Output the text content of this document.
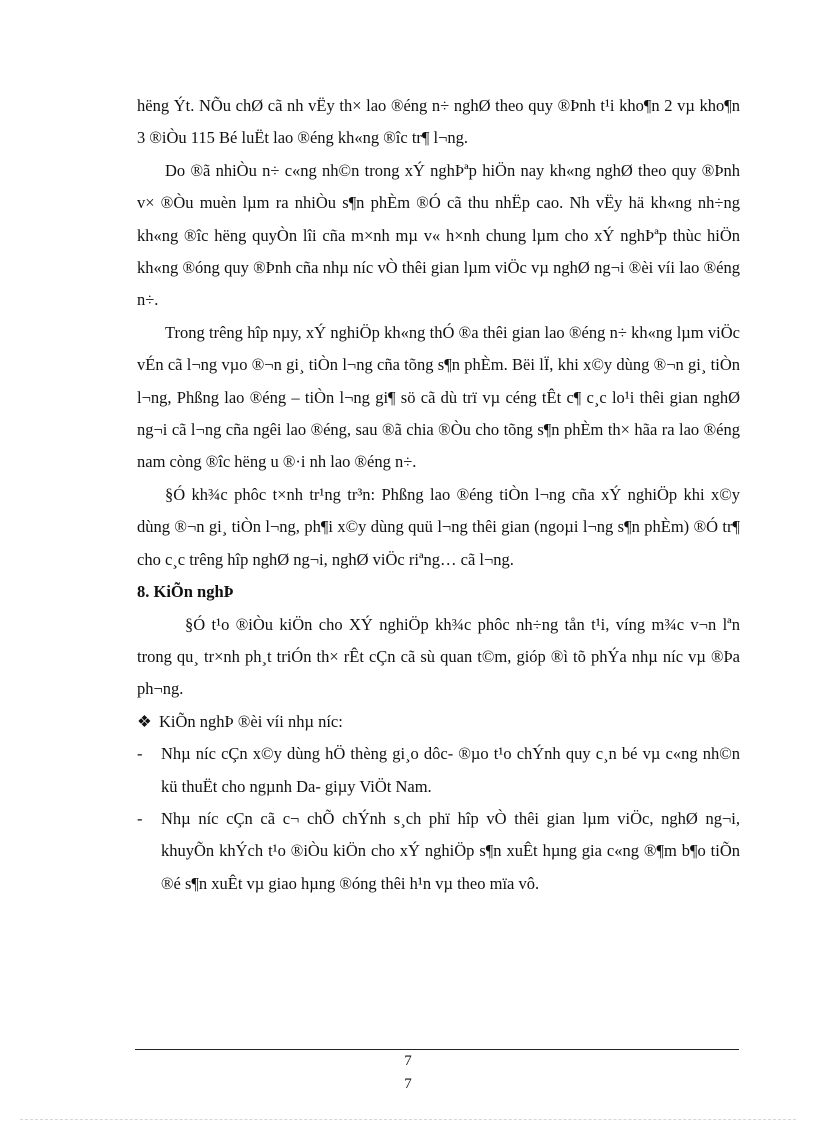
hëng Ýt. NÕu chØ cã nh vËy th× lao ®éng n÷ nghØ theo quy ®Þnh t¹i kho¶n 2 vµ kho¶n 3 ®iÒu 115 Bé luËt lao ®éng kh«ng ®îc tr¶ l¬ng.

Do ®ã nhiÒu n÷ c«ng nh©n trong xÝ nghÞªp hiÖn nay kh«ng nghØ theo quy ®Þnh v× ®Òu muèn lµm ra nhiÒu s¶n phÈm ®Ó cã thu nhËp cao. Nh vËy hä kh«ng nh÷ng kh«ng ®îc hëng quyÒn lîi cña m×nh mµ v« h×nh chung lµm cho xÝ nghÞªp thùc hiÖn kh«ng ®óng quy ®Þnh cña nhµ níc vÒ thêi gian lµm viÖc vµ nghØ ng¬i ®èi víi lao ®éng n÷.

Trong trêng hîp nµy, xÝ nghiÖp kh«ng thÓ ®a thêi gian lao ®éng n÷ kh«ng lµm viÖc vÉn cã l¬ng vµo ®¬n gi¸ tiÒn l¬ng cña tõng s¶n phÈm. Bëi lÏ, khi x©y dùng ®¬n gi¸ tiÒn l¬ng, Phßng lao ®éng – tiÒn l¬ng gi¶ sö cã dù trï vµ céng tÊt c¶ c¸c lo¹i thêi gian nghØ ng¬i cã l¬ng cña ngêi lao ®éng, sau ®ã chia ®Òu cho tõng s¶n phÈm th× hãa ra lao ®éng nam còng ®îc hëng u ®·i nh lao ®éng n÷.

§Ó kh¾c phôc t×nh tr¹ng tr³n: Phßng lao ®éng tiÒn l¬ng cña xÝ nghiÖp khi x©y dùng ®¬n gi¸ tiÒn l¬ng, ph¶i x©y dùng quü l¬ng thêi gian (ngoµi l¬ng s¶n phÈm) ®Ó tr¶ cho c¸c trêng hîp nghØ ng¬i, nghØ viÖc riªng… cã l¬ng.

8. KiÕn nghÞ

§Ó t¹o ®iÒu kiÖn cho XÝ nghiÖp kh¾c phôc nh÷ng tån t¹i, víng m¾c v¬n lªn trong qu¸ tr×nh ph¸t triÓn th× rÊt cÇn cã sù quan t©m, gióp ®ì tõ phÝa nhµ níc vµ ®Þa ph¬ng.

❖ KiÕn nghÞ ®èi víi nhµ níc:
-	Nhµ níc cÇn x©y dùng hÖ thèng gi¸o dôc- ®µo t¹o chÝnh quy c¸n bé vµ c«ng nh©n kü thuËt cho ngµnh Da- giµy ViÖt Nam.
-	Nhµ níc cÇn cã c¬ chÕ chÝnh s¸ch phï hîp vÒ thêi gian lµm viÖc, nghØ ng¬i, khuyÕn khÝch t¹o ®iÒu kiÖn cho xÝ nghiÖp s¶n xuÊt hµng gia c«ng ®¶m b¶o tiÕn ®é s¶n xuÊt vµ giao hµng ®óng thêi h¹n vµ theo mïa vô.
7
7
